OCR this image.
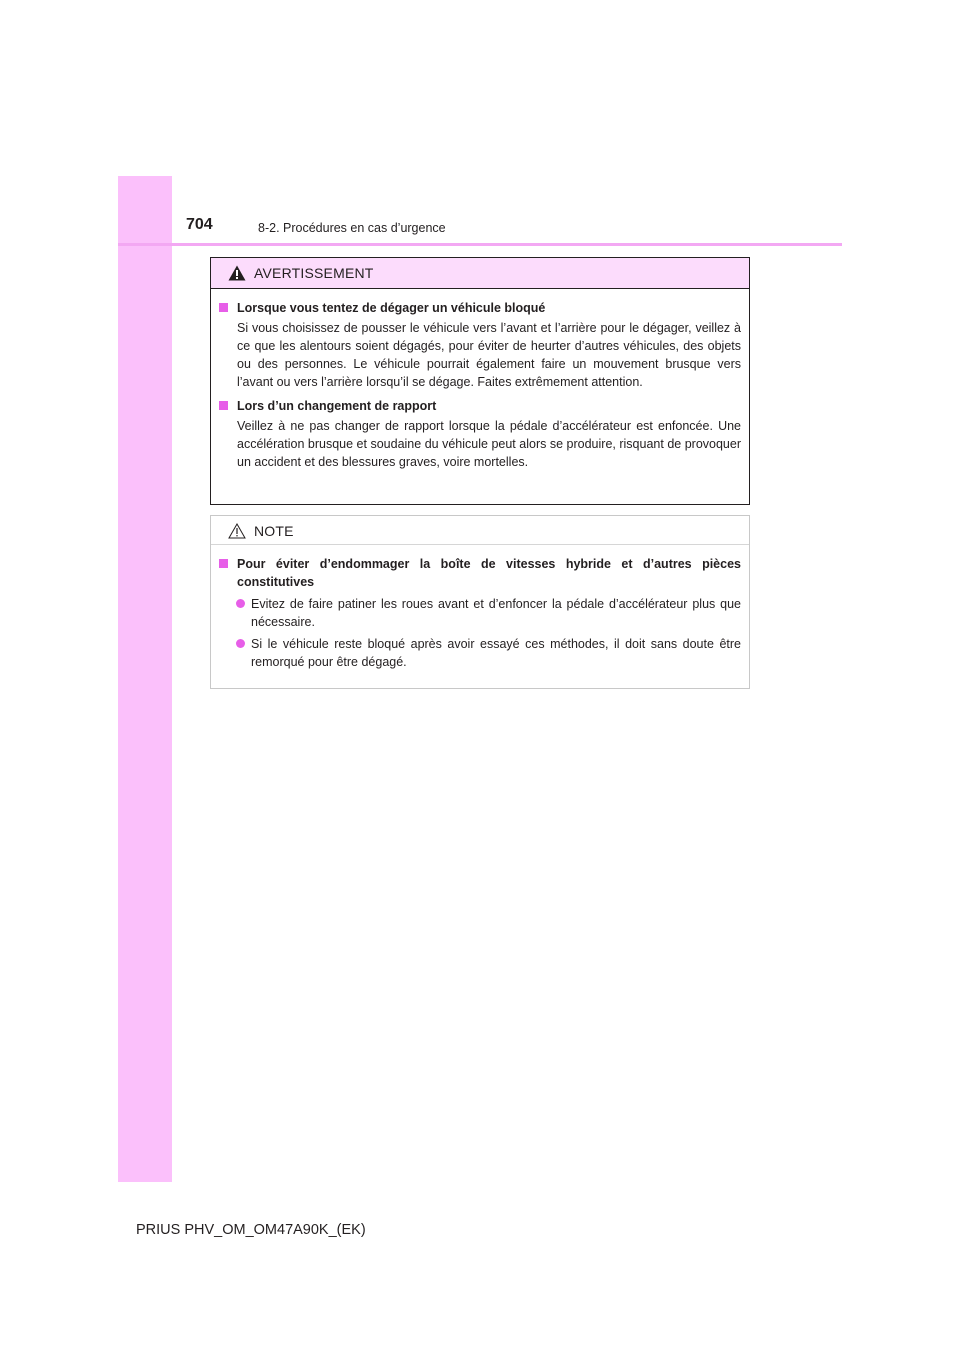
704	8-2. Procédures en cas d’urgence
AVERTISSEMENT
Lorsque vous tentez de dégager un véhicule bloqué
Si vous choisissez de pousser le véhicule vers l’avant et l’arrière pour le dégager, veillez à ce que les alentours soient dégagés, pour éviter de heurter d’autres véhicules, des objets ou des personnes. Le véhicule pourrait également faire un mouvement brusque vers l’avant ou vers l’arrière lorsqu’il se dégage. Faites extrêmement attention.
Lors d’un changement de rapport
Veillez à ne pas changer de rapport lorsque la pédale d’accélérateur est enfoncée. Une accélération brusque et soudaine du véhicule peut alors se produire, risquant de provoquer un accident et des blessures graves, voire mortelles.
NOTE
Pour éviter d’endommager la boîte de vitesses hybride et d’autres pièces constitutives
Evitez de faire patiner les roues avant et d’enfoncer la pédale d’accélérateur plus que nécessaire.
Si le véhicule reste bloqué après avoir essayé ces méthodes, il doit sans doute être remorqué pour être dégagé.
PRIUS PHV_OM_OM47A90K_(EK)
